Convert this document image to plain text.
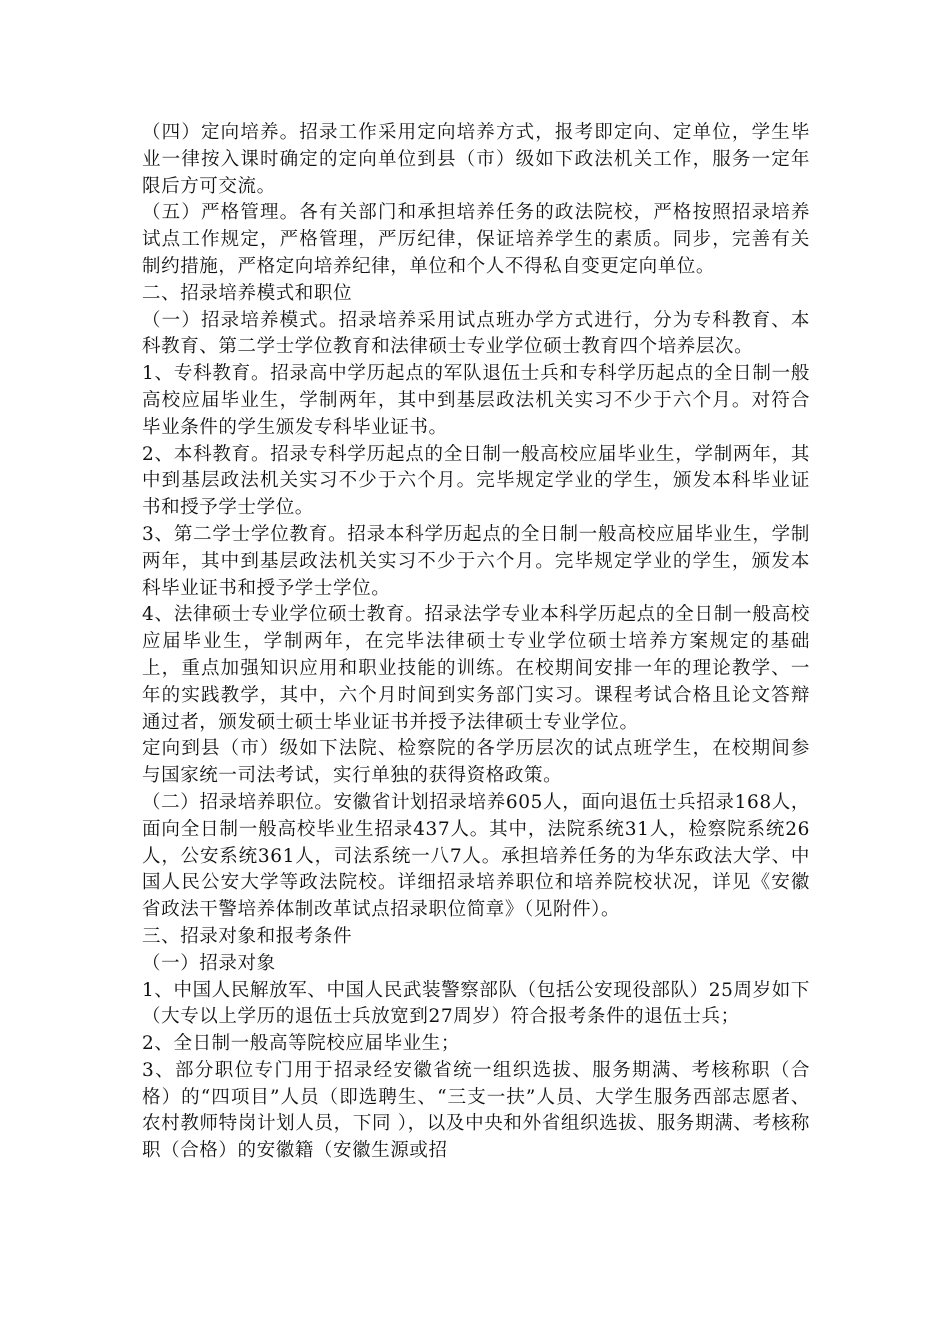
（四）定向培养。招录工作采用定向培养方式，报考即定向、定单位，学生毕业一律按入课时确定的定向单位到县（市）级如下政法机关工作，服务一定年限后方可交流。

（五）严格管理。各有关部门和承担培养任务的政法院校，严格按照招录培养试点工作规定，严格管理，严厉纪律，保证培养学生的素质。同步，完善有关制约措施，严格定向培养纪律，单位和个人不得私自变更定向单位。

二、招录培养模式和职位

（一）招录培养模式。招录培养采用试点班办学方式进行，分为专科教育、本科教育、第二学士学位教育和法律硕士专业学位硕士教育四个培养层次。

1、专科教育。招录高中学历起点的军队退伍士兵和专科学历起点的全日制一般高校应届毕业生，学制两年，其中到基层政法机关实习不少于六个月。对符合毕业条件的学生颁发专科毕业证书。

2、本科教育。招录专科学历起点的全日制一般高校应届毕业生，学制两年，其中到基层政法机关实习不少于六个月。完毕规定学业的学生，颁发本科毕业证书和授予学士学位。

3、第二学士学位教育。招录本科学历起点的全日制一般高校应届毕业生，学制两年，其中到基层政法机关实习不少于六个月。完毕规定学业的学生，颁发本科毕业证书和授予学士学位。

4、法律硕士专业学位硕士教育。招录法学专业本科学历起点的全日制一般高校应届毕业生，学制两年，在完毕法律硕士专业学位硕士培养方案规定的基础上，重点加强知识应用和职业技能的训练。在校期间安排一年的理论教学、一年的实践教学，其中，六个月时间到实务部门实习。课程考试合格且论文答辩通过者，颁发硕士硕士毕业证书并授予法律硕士专业学位。

定向到县（市）级如下法院、检察院的各学历层次的试点班学生，在校期间参与国家统一司法考试，实行单独的获得资格政策。

（二）招录培养职位。安徽省计划招录培养605人，面向退伍士兵招录168人，面向全日制一般高校毕业生招录437人。其中，法院系统31人，检察院系统26人，公安系统361人，司法系统一八7人。承担培养任务的为华东政法大学、中国人民公安大学等政法院校。详细招录培养职位和培养院校状况，详见《安徽省政法干警培养体制改革试点招录职位简章》（见附件）。

三、招录对象和报考条件

（一）招录对象

1、中国人民解放军、中国人民武装警察部队（包括公安现役部队）25周岁如下（大专以上学历的退伍士兵放宽到27周岁）符合报考条件的退伍士兵；

2、全日制一般高等院校应届毕业生；

3、部分职位专门用于招录经安徽省统一组织选拔、服务期满、考核称职（合格）的“四项目”人员（即选聘生、“三支一扶”人员、大学生服务西部志愿者、农村教师特岗计划人员，下同 ），以及中央和外省组织选拔、服务期满、考核称职（合格）的安徽籍（安徽生源或招
